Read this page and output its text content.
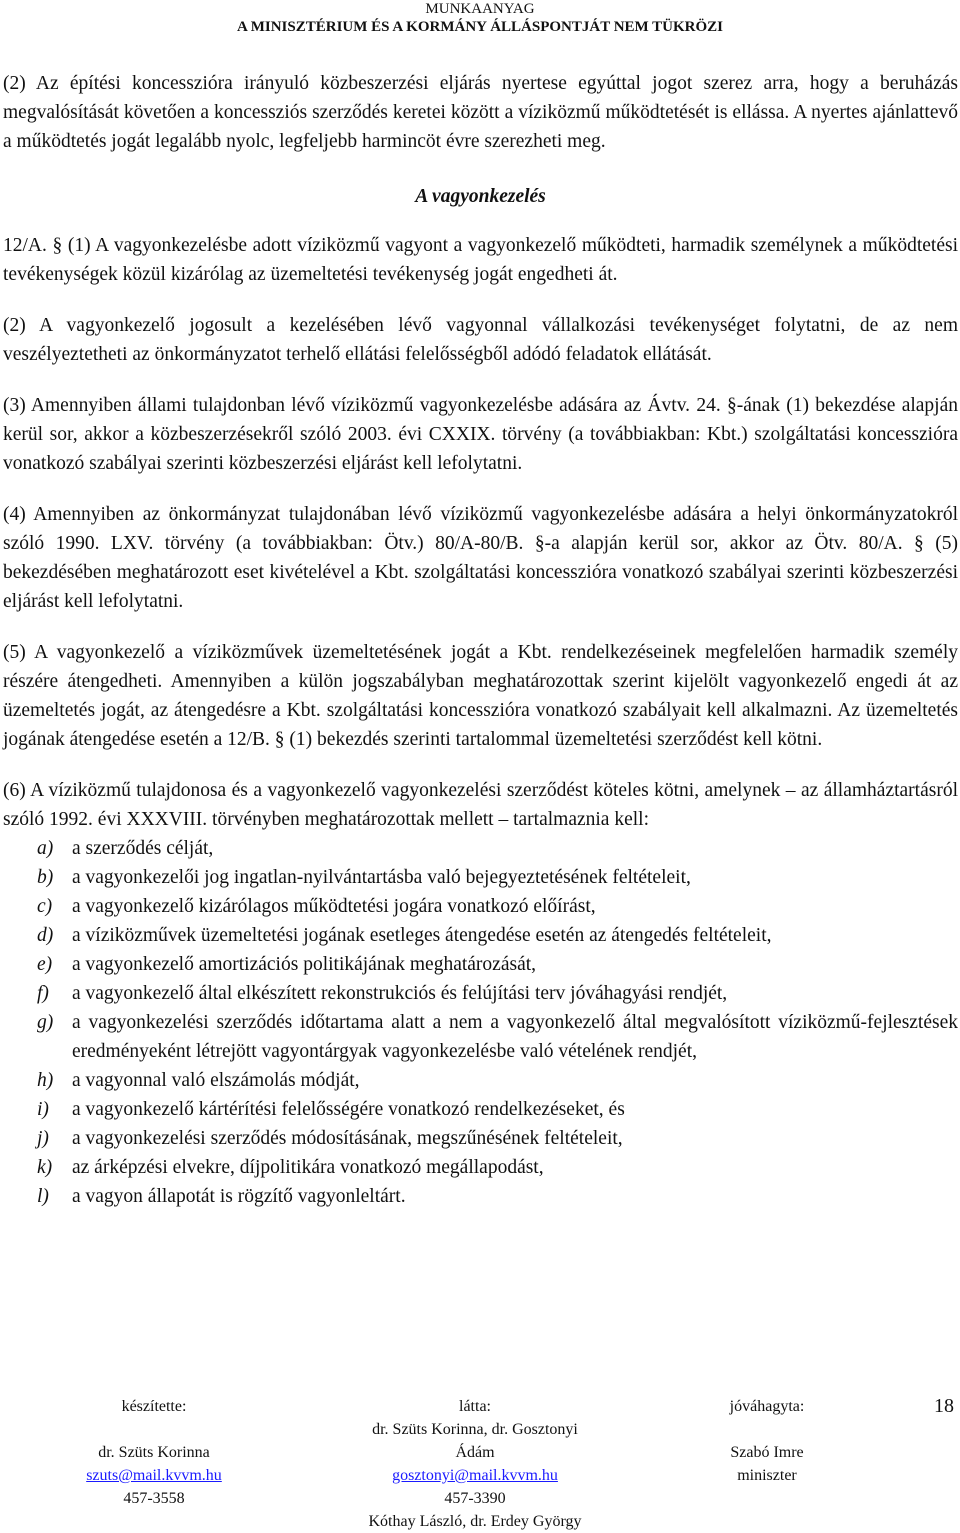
MUNKAANYAG
A MINISZTÉRIUM ÉS A KORMÁNY ÁLLÁSPONTJÁT NEM TÜKRÖZI

(2) Az építési koncesszióra irányuló közbeszerzési eljárás nyertese egyúttal jogot szerez arra, hogy a beruházás megvalósítását követően a koncessziós szerződés keretei között a víziközmű működtetését is ellássa. A nyertes ajánlattevő a működtetés jogát legalább nyolc, legfeljebb harmincöt évre szerezheti meg.

A vagyonkezelés

12/A. § (1) A vagyonkezelésbe adott víziközmű vagyont a vagyonkezelő működteti, harmadik személynek a működtetési tevékenységek közül kizárólag az üzemeltetési tevékenység jogát engedheti át.

(2) A vagyonkezelő jogosult a kezelésében lévő vagyonnal vállalkozási tevékenységet folytatni, de az nem veszélyeztetheti az önkormányzatot terhelő ellátási felelősségből adódó feladatok ellátását.

(3) Amennyiben állami tulajdonban lévő víziközmű vagyonkezelésbe adására az Ávtv. 24. §-ának (1) bekezdése alapján kerül sor, akkor a közbeszerzésekről szóló 2003. évi CXXIX. törvény (a továbbiakban: Kbt.) szolgáltatási koncesszióra vonatkozó szabályai szerinti közbeszerzési eljárást kell lefolytatni.

(4) Amennyiben az önkormányzat tulajdonában lévő víziközmű vagyonkezelésbe adására a helyi önkormányzatokról szóló 1990. LXV. törvény (a továbbiakban: Ötv.) 80/A-80/B. §-a alapján kerül sor, akkor az Ötv. 80/A. § (5) bekezdésében meghatározott eset kivételével a Kbt. szolgáltatási koncesszióra vonatkozó szabályai szerinti közbeszerzési eljárást kell lefolytatni.

(5) A vagyonkezelő a víziközművek üzemeltetésének jogát a Kbt. rendelkezéseinek megfelelően harmadik személy részére átengedheti. Amennyiben a külön jogszabályban meghatározottak szerint kijelölt vagyonkezelő engedi át az üzemeltetés jogát, az átengedésre a Kbt. szolgáltatási koncesszióra vonatkozó szabályait kell alkalmazni. Az üzemeltetés jogának átengedése esetén a 12/B. § (1) bekezdés szerinti tartalommal üzemeltetési szerződést kell kötni.

(6) A víziközmű tulajdonosa és a vagyonkezelő vagyonkezelési szerződést köteles kötni, amelynek – az államháztartásról szóló 1992. évi XXXVIII. törvényben meghatározottak mellett – tartalmaznia kell:

a) a szerződés célját,
b) a vagyonkezelői jog ingatlan-nyilvántartásba való bejegyeztetésének feltételeit,
c)	a vagyonkezelő kizárólagos működtetési jogára vonatkozó előírást,
d) a víziközművek üzemeltetési jogának esetleges átengedése esetén az átengedés feltételeit,
e)	a vagyonkezelő amortizációs politikájának meghatározását,
f)	a vagyonkezelő által elkészített rekonstrukciós és felújítási terv jóváhagyási rendjét,
g) a vagyonkezelési szerződés időtartama alatt a nem a vagyonkezelő által megvalósított víziközmű-fejlesztések eredményeként létrejött vagyontárgyak vagyonkezelésbe való vételének rendjét,
h) a vagyonnal való elszámolás módját,
i)	a vagyonkezelő kártérítési felelősségére vonatkozó rendelkezéseket, és
j)	a vagyonkezelési szerződés módosításának, megszűnésének feltételeit,
k)	az árképzési elvekre, díjpolitikára vonatkozó megállapodást,
l)	a vagyon állapotát is rögzítő vagyonleltárt.
készítette:
dr. Szüts Korinna
szuts@mail.kvvm.hu
457-3558
látta:
dr. Szüts Korinna, dr. Gosztonyi
Ádám
gosztonyi@mail.kvvm.hu
457-3390
Kóthay László, dr. Erdey György
jóváhagyta:
Szabó Imre
miniszter
18
